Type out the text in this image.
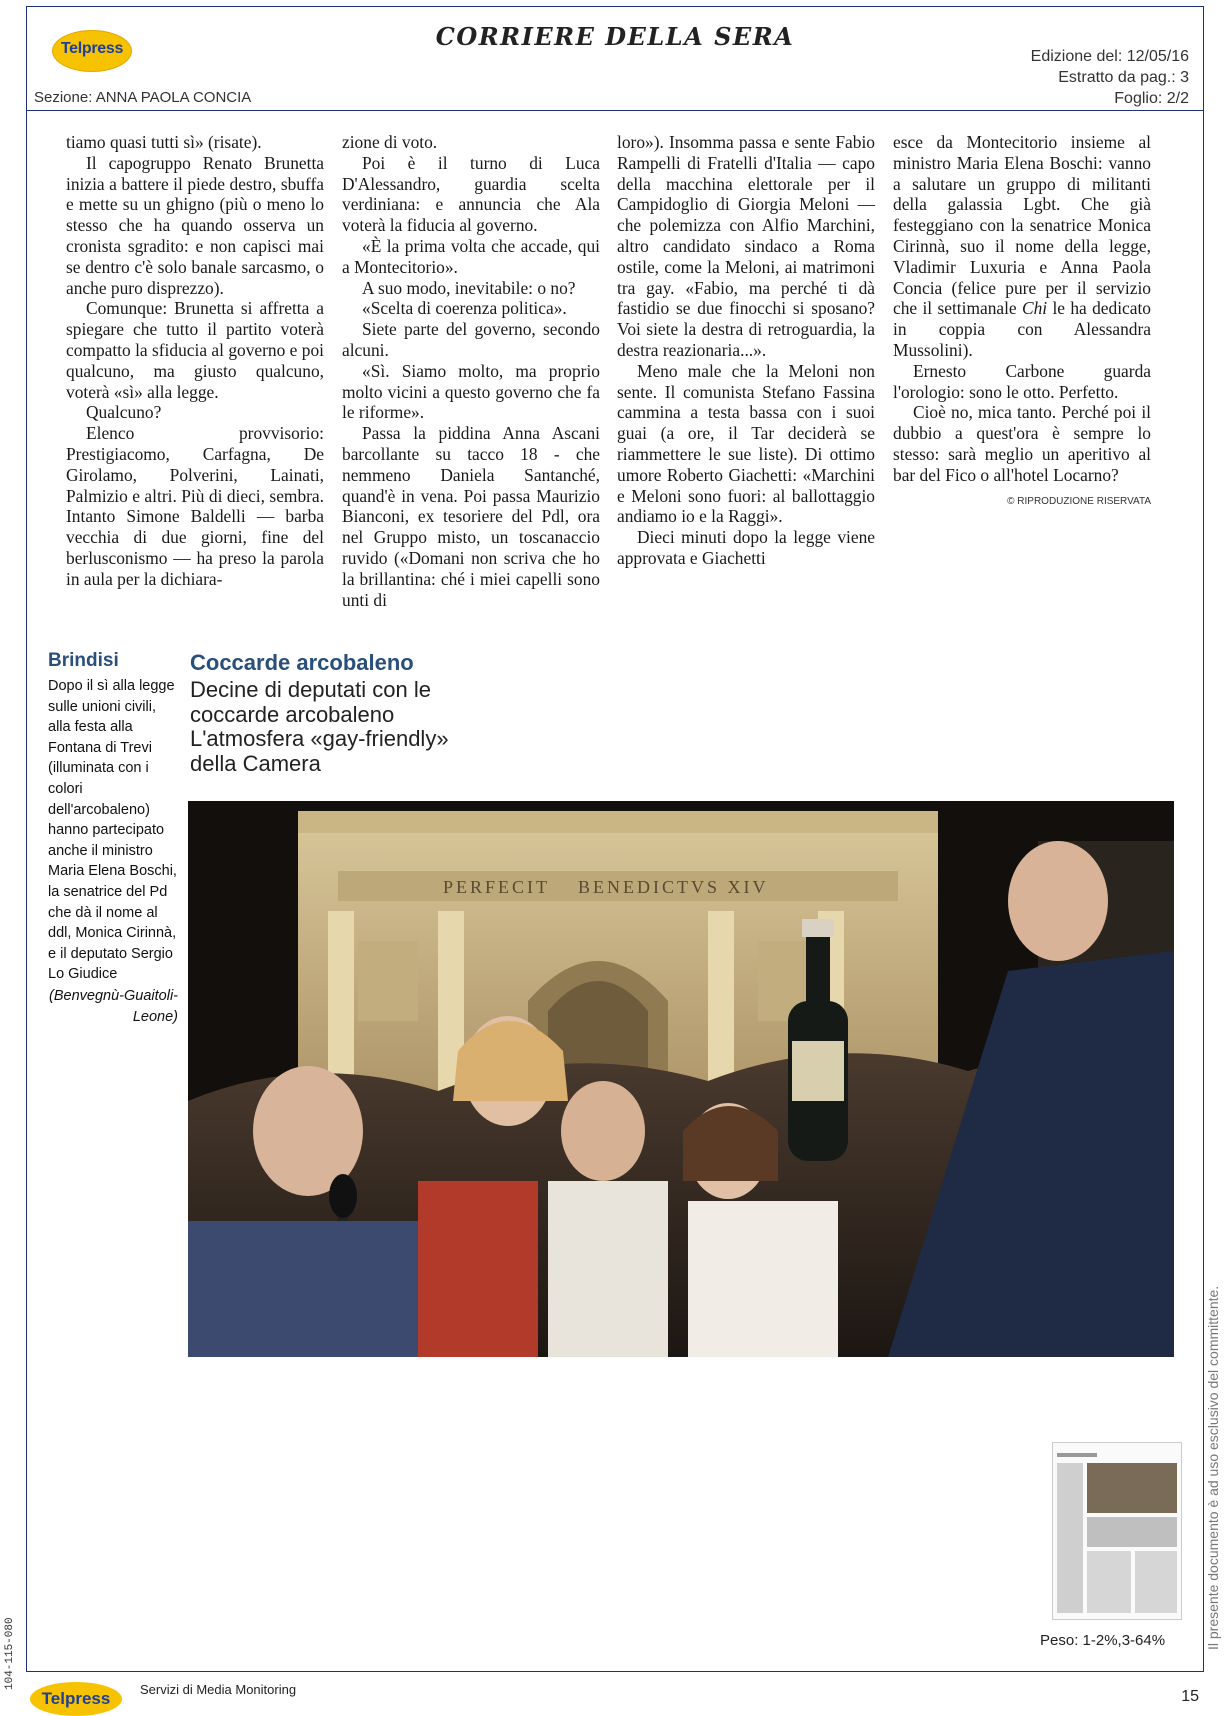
Telpress
	CORRIERE DELLA SERA
Edizione del: 12/05/16
Estratto da pag.: 3
Foglio: 2/2
Sezione: ANNA PAOLA CONCIA

tiamo quasi tutti sì» (risate).

Il capogruppo Renato Brunetta inizia a battere il piede destro, sbuffa e mette su un ghigno (più o meno lo stesso che ha quando osserva un cronista sgradito: e non capisci mai se dentro c'è solo banale sarcasmo, o anche puro disprezzo).

Comunque: Brunetta si affretta a spiegare che tutto il partito voterà compatto la sfiducia al governo e poi qualcuno, ma giusto qualcuno, voterà «sì» alla legge.

Qualcuno?

Elenco provvisorio: Prestigiacomo, Carfagna, De Girolamo, Polverini, Lainati, Palmizio e altri. Più di dieci, sembra. Intanto Simone Baldelli — barba vecchia di due giorni, fine del berlusconismo — ha preso la parola in aula per la dichiara-

zione di voto.

Poi è il turno di Luca D'Alessandro, guardia scelta verdiniana: e annuncia che Ala voterà la fiducia al governo.

«È la prima volta che accade, qui a Montecitorio».

A suo modo, inevitabile: o no?

«Scelta di coerenza politica».

Siete parte del governo, secondo alcuni.

«Sì. Siamo molto, ma proprio molto vicini a questo governo che fa le riforme».

Passa la piddina Anna Ascani barcollante su tacco 18 - che nemmeno Daniela Santanché, quand'è in vena. Poi passa Maurizio Bianconi, ex tesoriere del Pdl, ora nel Gruppo misto, un toscanaccio ruvido («Domani non scriva che ho la brillantina: ché i miei capelli sono unti di

loro»). Insomma passa e sente Fabio Rampelli di Fratelli d'Italia — capo della macchina elettorale per il Campidoglio di Giorgia Meloni — che polemizza con Alfio Marchini, altro candidato sindaco a Roma ostile, come la Meloni, ai matrimoni tra gay. «Fabio, ma perché ti dà fastidio se due finocchi si sposano? Voi siete la destra di retroguardia, la destra reazionaria...».

Meno male che la Meloni non sente. Il comunista Stefano Fassina cammina a testa bassa con i suoi guai (a ore, il Tar deciderà se riammettere le sue liste). Di ottimo umore Roberto Giachetti: «Marchini e Meloni sono fuori: al ballottaggio andiamo io e la Raggi».

Dieci minuti dopo la legge viene approvata e Giachetti

esce da Montecitorio insieme al ministro Maria Elena Boschi: vanno a salutare un gruppo di militanti della galassia Lgbt. Che già festeggiano con la senatrice Monica Cirinnà, suo il nome della legge, Vladimir Luxuria e Anna Paola Concia (felice pure per il servizio che il settimanale Chi le ha dedicato in coppia con Alessandra Mussolini).

Ernesto Carbone guarda l'orologio: sono le otto. Perfetto.

Cioè no, mica tanto. Perché poi il dubbio a quest'ora è sempre lo stesso: sarà meglio un aperitivo al bar del Fico o all'hotel Locarno?

© RIPRODUZIONE RISERVATA
Brindisi
Dopo il sì alla legge sulle unioni civili, alla festa alla Fontana di Trevi (illuminata con i colori dell'arcobaleno) hanno partecipato anche il ministro Maria Elena Boschi, la senatrice del Pd che dà il nome al ddl, Monica Cirinnà, e il deputato Sergio Lo Giudice
(Benvegnù-Guaitoli-Leone)
Coccarde arcobaleno
Decine di deputati con le coccarde arcobaleno L'atmosfera «gay-friendly» della Camera
PERFECIT BENEDICTVS XIV
Peso: 1-2%,3-64%	Il presente documento è ad uso esclusivo del committente.
104-115-080
Telpress Servizi di Media Monitoring	15
